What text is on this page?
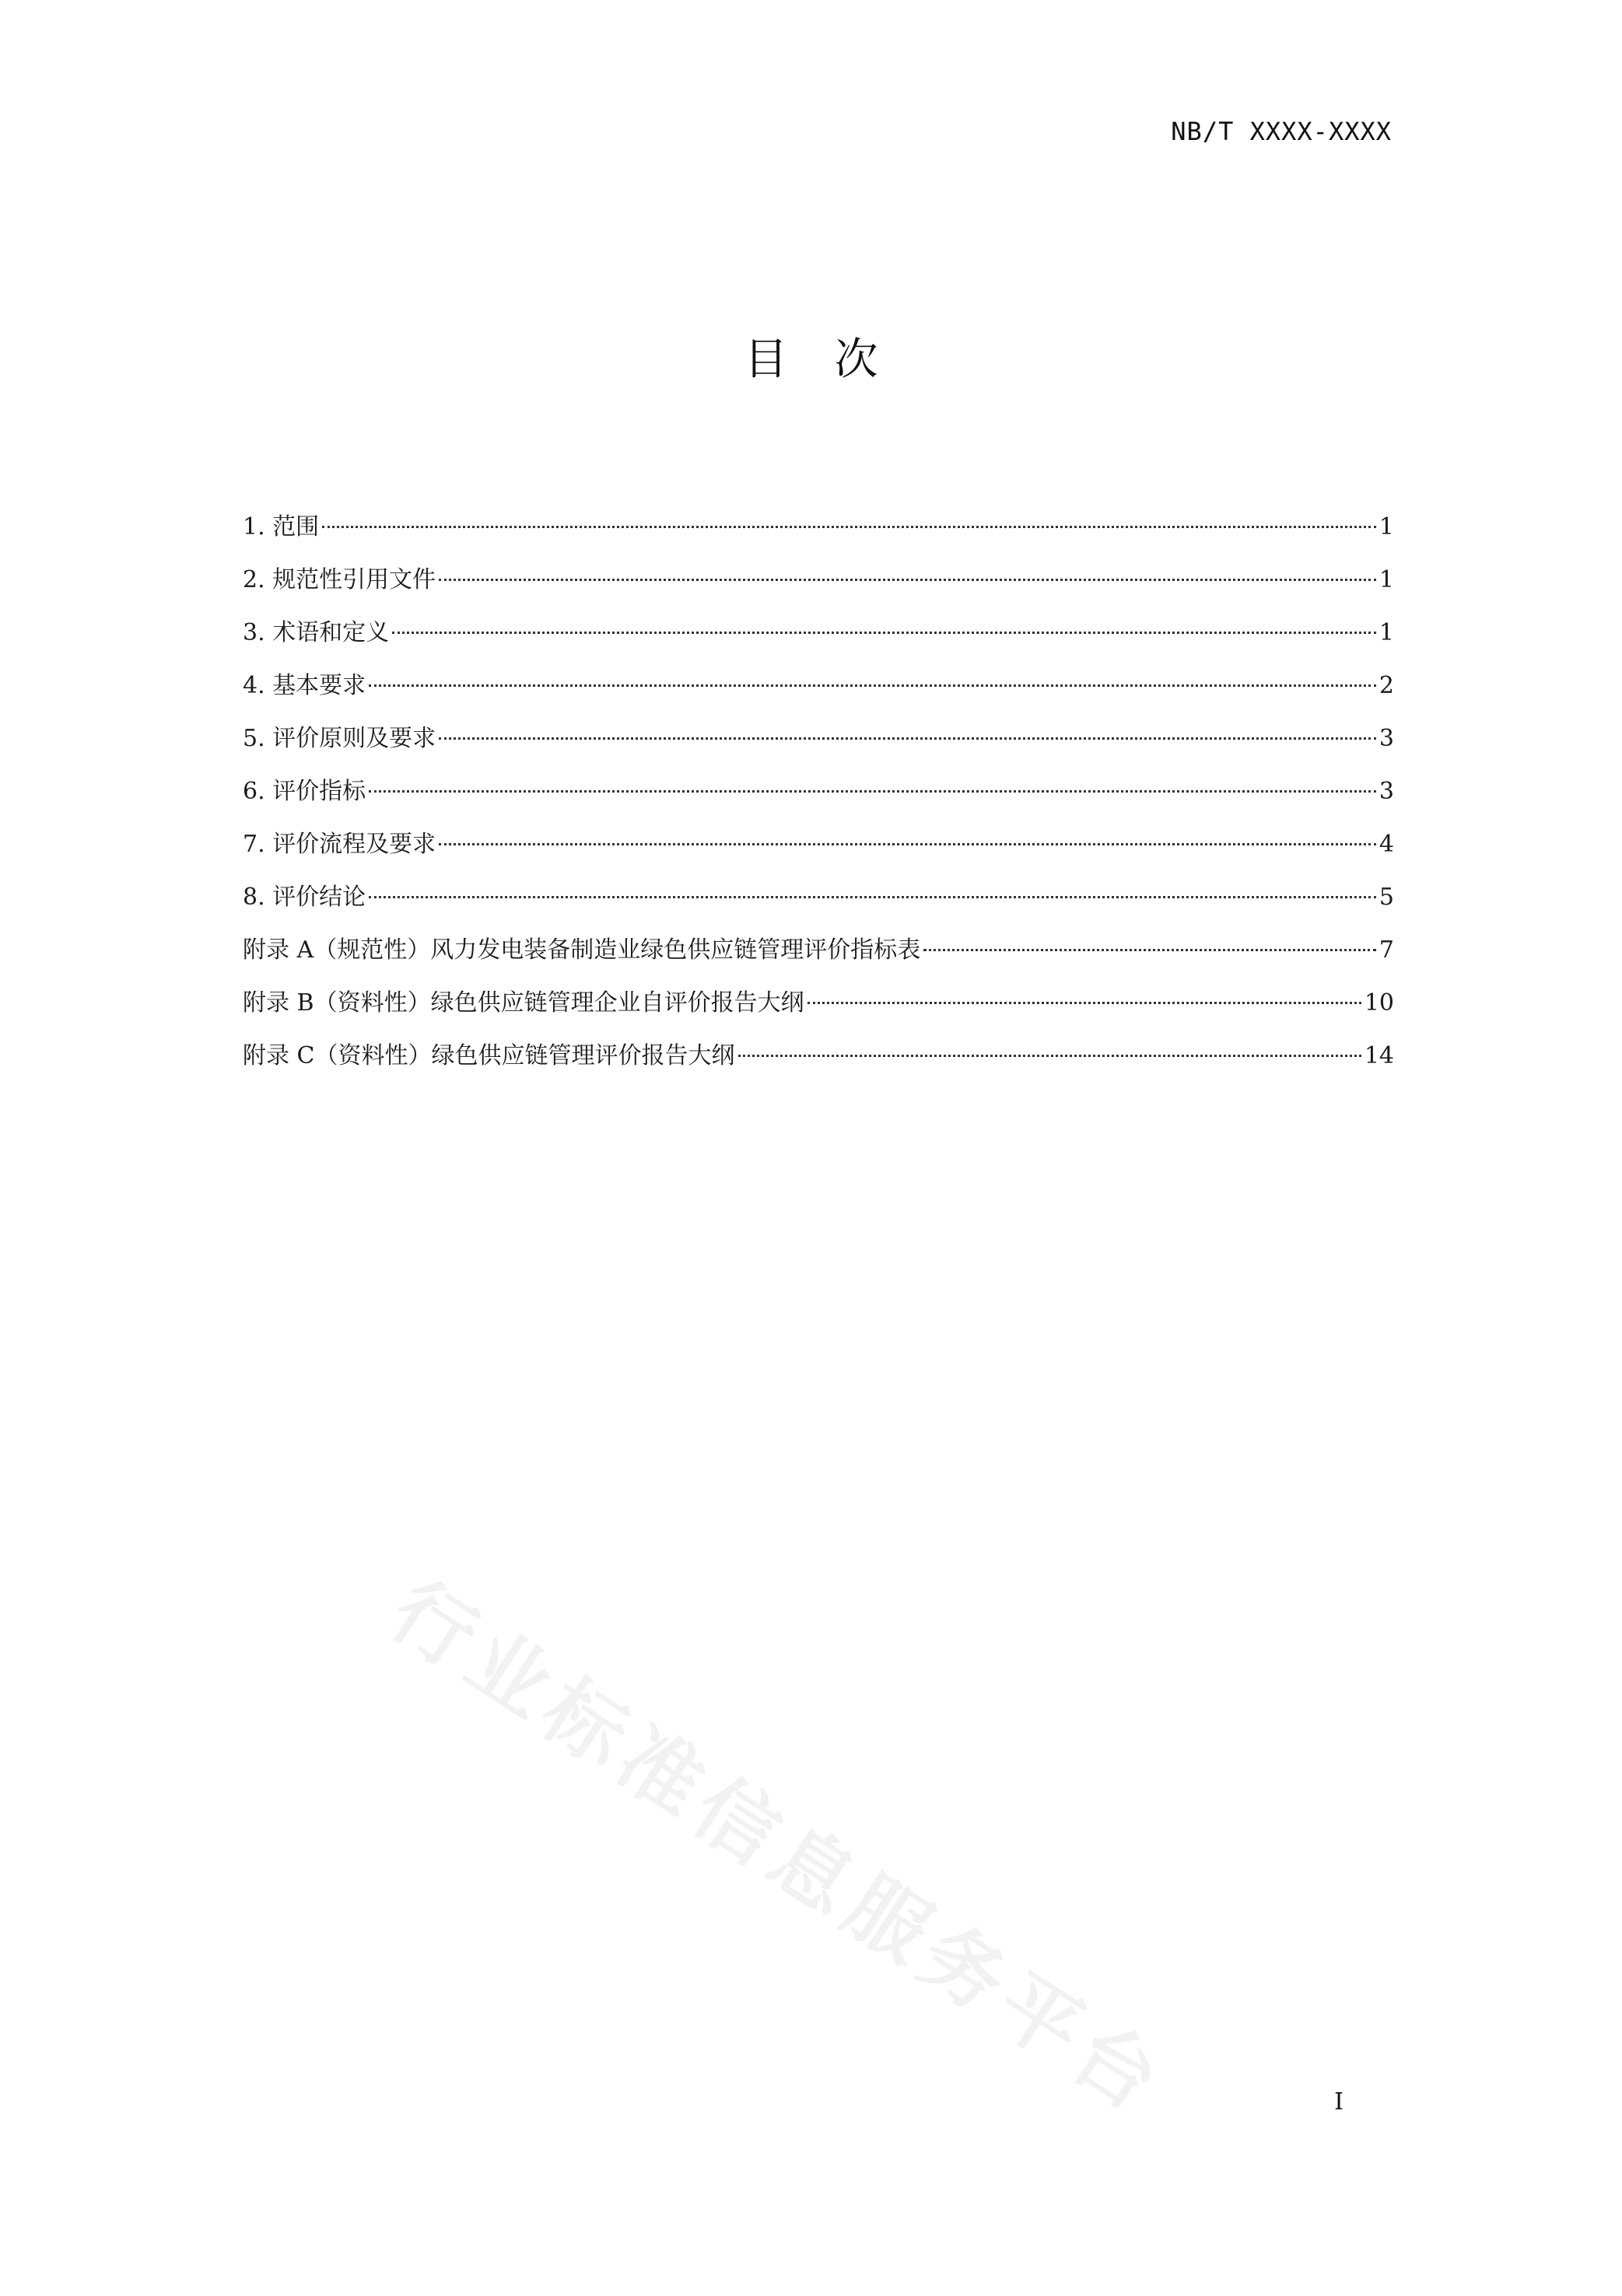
NB/T XXXX-XXXX
目次
1. 范围	1
2. 规范性引用文件	1
3. 术语和定义	1
4. 基本要求	2
5. 评价原则及要求	3
6. 评价指标	3
7. 评价流程及要求	4
8. 评价结论	5
附录 A（规范性）风力发电装备制造业绿色供应链管理评价指标表	7
附录 B（资料性）绿色供应链管理企业自评价报告大纲	10
附录 C（资料性）绿色供应链管理评价报告大纲	14
行业标准信息服务平台	I
